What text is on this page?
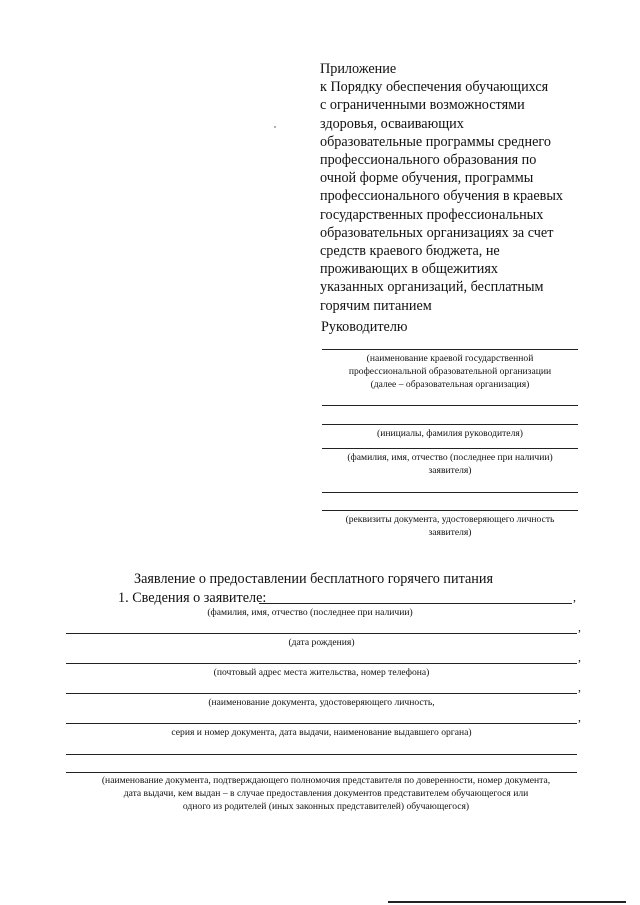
Приложение
к Порядку обеспечения обучающихся
с ограниченными возможностями
здоровья, осваивающих
образовательные программы среднего
профессионального образования по
очной форме обучения, программы
профессионального обучения в краевых
государственных профессиональных
образовательных организациях за счет
средств краевого бюджета, не
проживающих в общежитиях
указанных организаций, бесплатным
горячим питанием
Руководителю
(наименование краевой государственной
профессиональной образовательной организации
(далее – образовательная организация)
(инициалы, фамилия руководителя)
(фамилия, имя, отчество (последнее при наличии)
заявителя)
(реквизиты документа, удостоверяющего личность
заявителя)
Заявление о предоставлении бесплатного горячего питания
1. Сведения о заявителе:	,
(фамилия, имя, отчество (последнее при наличии)
,
(дата рождения)
,
(почтовый адрес места жительства, номер телефона)
,
(наименование документа, удостоверяющего личность,
,
серия и номер документа, дата выдачи, наименование выдавшего органа)
(наименование документа, подтверждающего полномочия представителя по доверенности, номер документа,
дата выдачи, кем выдан – в случае предоставления документов представителем обучающегося или
одного из родителей (иных законных представителей) обучающегося)
